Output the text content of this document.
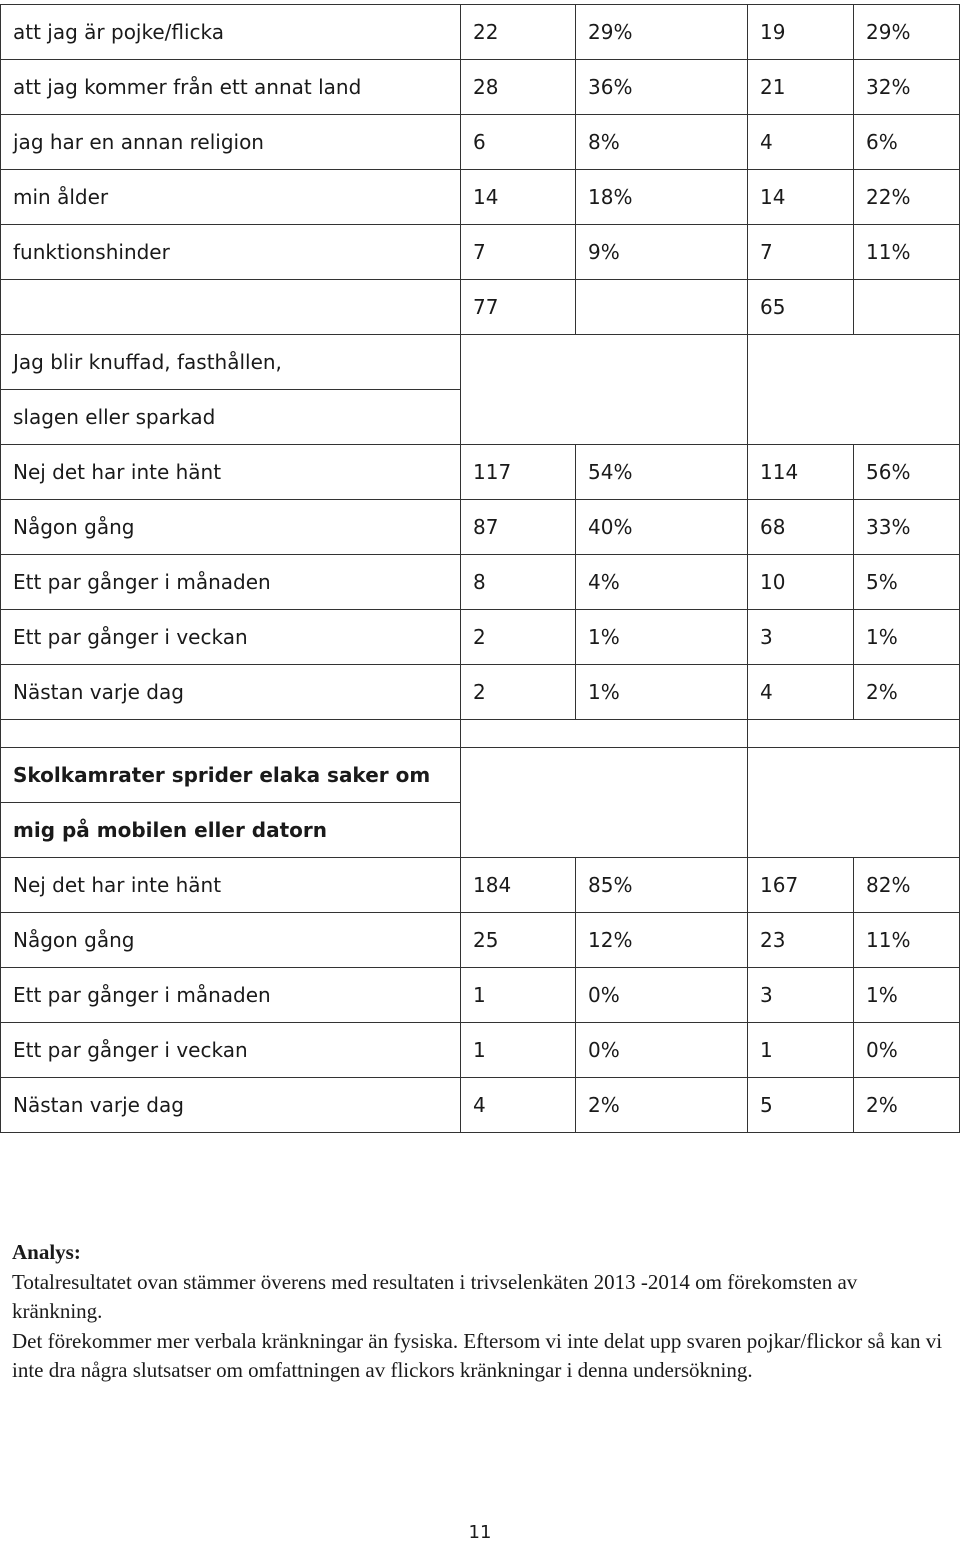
att jag är pojke/flicka	22	29%	19	29%
att jag kommer från ett annat land	28	36%	21	32%
jag har en annan religion	6	8%	4	6%
min ålder	14	18%	14	22%
funktionshinder	7	9%	7	11%
	77		65	
Jag blir knuffad, fasthållen,				
slagen eller sparkad				
Nej det har inte hänt	117	54%	114	56%
Någon gång	87	40%	68	33%
Ett par gånger i månaden	8	4%	10	5%
Ett par gånger i veckan	2	1%	3	1%
Nästan varje dag	2	1%	4	2%

Skolkamrater sprider elaka saker om				
mig på mobilen eller datorn				
Nej det har inte hänt	184	85%	167	82%
Någon gång	25	12%	23	11%
Ett par gånger i månaden	1	0%	3	1%
Ett par gånger i veckan	1	0%	1	0%
Nästan varje dag	4	2%	5	2%

Analys:

Totalresultatet ovan stämmer överens med resultaten i trivselenkäten 2013 -2014 om förekomsten av kränkning.

Det förekommer mer verbala kränkningar än fysiska. Eftersom vi inte delat upp svaren pojkar/flickor så kan vi inte dra några slutsatser om omfattningen av flickors kränkningar i denna undersökning.

11
